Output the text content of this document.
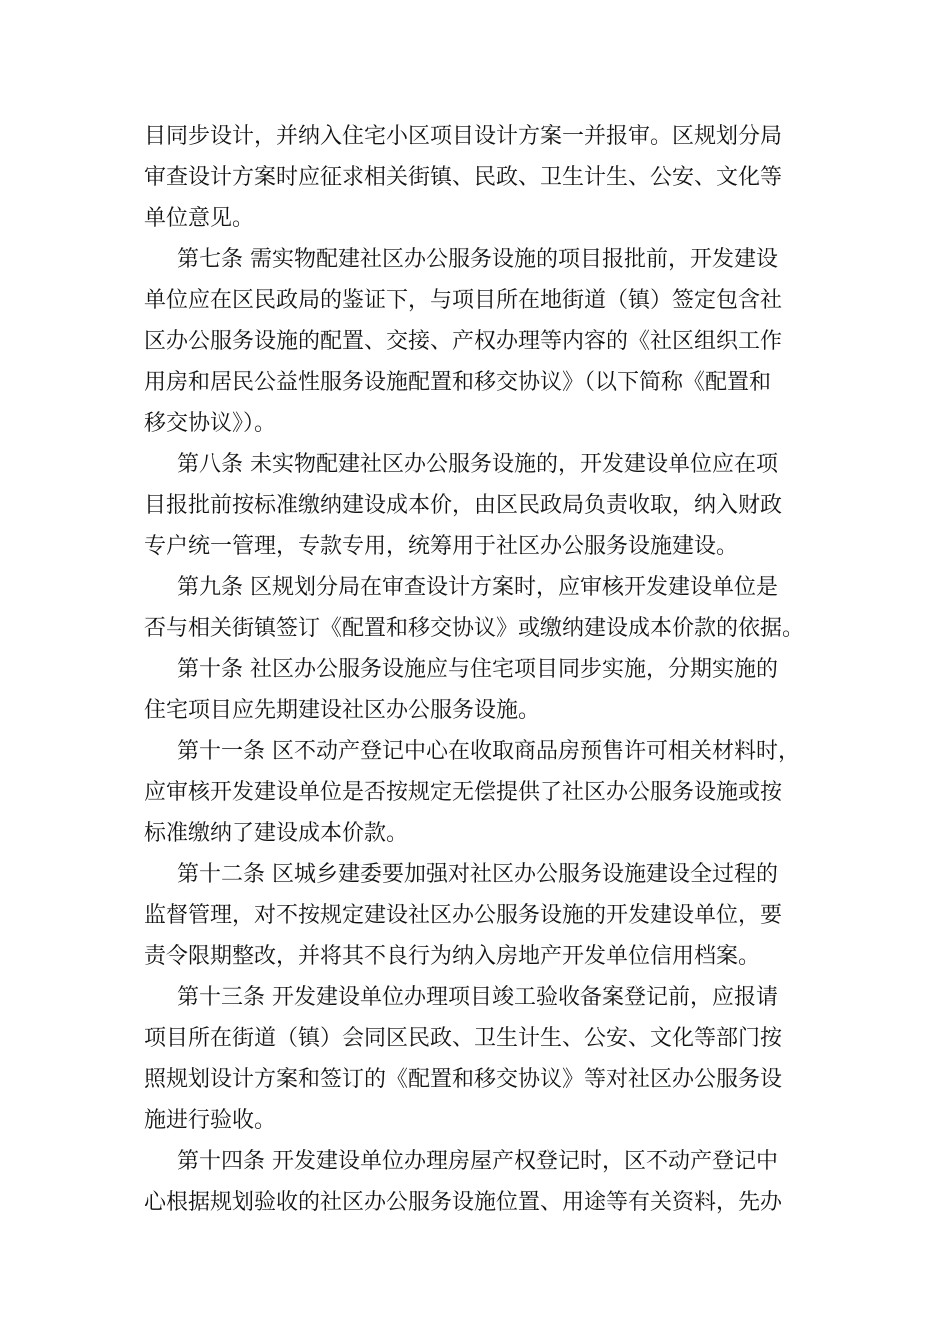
目同步设计，并纳入住宅小区项目设计方案一并报审。区规划分局
审查设计方案时应征求相关街镇、民政、卫生计生、公安、文化等
单位意见。
第七条 需实物配建社区办公服务设施的项目报批前，开发建设
单位应在区民政局的鉴证下，与项目所在地街道（镇）签定包含社
区办公服务设施的配置、交接、产权办理等内容的《社区组织工作
用房和居民公益性服务设施配置和移交协议》（以下简称《配置和
移交协议》）。
第八条 未实物配建社区办公服务设施的，开发建设单位应在项
目报批前按标准缴纳建设成本价，由区民政局负责收取，纳入财政
专户统一管理，专款专用，统筹用于社区办公服务设施建设。
第九条 区规划分局在审查设计方案时，应审核开发建设单位是
否与相关街镇签订《配置和移交协议》或缴纳建设成本价款的依据。
第十条 社区办公服务设施应与住宅项目同步实施，分期实施的
住宅项目应先期建设社区办公服务设施。
第十一条 区不动产登记中心在收取商品房预售许可相关材料时，
应审核开发建设单位是否按规定无偿提供了社区办公服务设施或按
标准缴纳了建设成本价款。
第十二条 区城乡建委要加强对社区办公服务设施建设全过程的
监督管理，对不按规定建设社区办公服务设施的开发建设单位，要
责令限期整改，并将其不良行为纳入房地产开发单位信用档案。
第十三条 开发建设单位办理项目竣工验收备案登记前，应报请
项目所在街道（镇）会同区民政、卫生计生、公安、文化等部门按
照规划设计方案和签订的《配置和移交协议》等对社区办公服务设
施进行验收。
第十四条 开发建设单位办理房屋产权登记时，区不动产登记中
心根据规划验收的社区办公服务设施位置、用途等有关资料，先办
